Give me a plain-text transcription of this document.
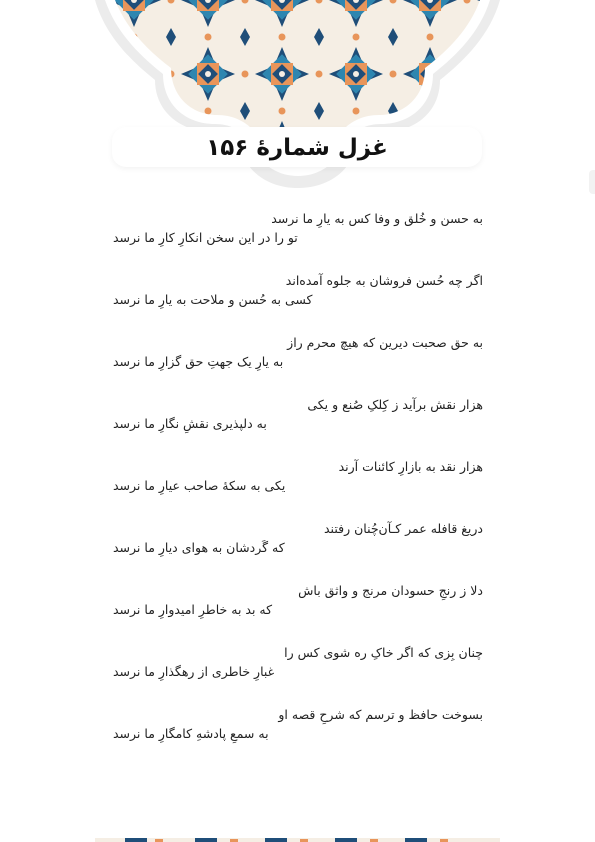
غزل شمارهٔ ۱۵۶
به حسن و خُلق و وفا کس به یارِ ما نرسد
تو را در این سخن انکارِ کارِ ما نرسد
اگر چه حُسن فروشان به جلوه آمده‌اند
کسی به حُسن و ملاحت به یارِ ما نرسد
به حق صحبت دیرین که هیچ محرم راز
به یارِ یک جهتِ حق گزارِ ما نرسد
هزار نقش برآید ز کِلکِ صُنع و یکی
به دلپذیری نقشِ نگارِ ما نرسد
هزار نقد به بازارِ کائنات آرند
یکی به سکهٔ صاحب عیارِ ما نرسد
دریغ قافله عمر کـآن‌چُنان رفتند
که گَردشان به هوای دیارِ ما نرسد
دلا ز رنجِ حسودان مرنج و واثق باش
که بد به خاطرِ امیدوارِ ما نرسد
چنان بِزی که اگر خاکِ ره شوی کس را
غبارِ خاطری از رهگذارِ ما نرسد
بسوخت حافظ و ترسم که شرحِ قصه او
به سمعِ پادشهِ کامگارِ ما نرسد
